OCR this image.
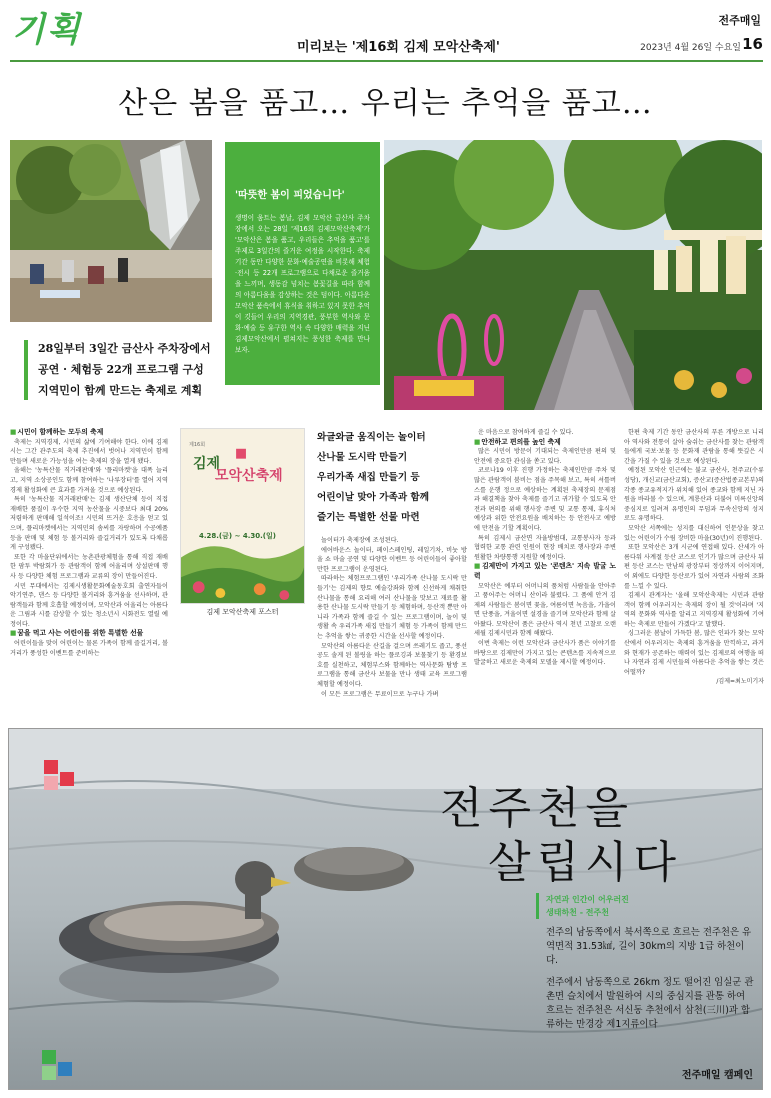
기획	미리보는 '제16회 김제 모악산축제'
전주매일
2023년 4월 26일 수요일 16
산은 봄을 품고… 우리는 추억을 품고…
'따뜻한 봄이 피었습니다'
생명이 움트는 봄날, 김제 모악산 금산사 주차장에서 오는 28일 '제16회 김제모악산축제'가 '모악산은 봄을 품고, 우리들은 추억을 품고'를 주제로 3일간의 즐거운 여정을 시작한다. 축제기간 동안 다양한 문화·예술공연을 비롯해 체험·전시 등 22개 프로그램으로 다채로운 즐거움을 느끼며, 생동감 넘치는 봄꽃길을 따라 함께의 아름다움을 감상하는 것은 덤이다. 아름다운 모악산 품속에서 휴식을 취하고 있지 못한 추억이 깃들어 우리의 지역경관, 풍부한 역사와 문화·예술 등 유구한 역사 속 다양한 매력을 지닌 김제모악산에서 펼쳐지는 풍성한 축제를 만나보자.
28일부터 3일간 금산사 주차장에서
공연 · 체험등 22개 프로그램 구성
지역민이 함께 만드는 축제로 계획
■ 시민이 함께하는 모두의 축제
축제는 지역경제, 시민의 삶에 기여해야 한다. 이에 김제시는 그간 관주도의 축제 추진에서 벗어나 지역민이 함께 만들며 새로운 가능성을 여는 축제의 장을 열게 됐다.
올해는 '농특산물 직거래판매'와 '플리마켓'을 대폭 늘리고, 지역 소상공인도 함께 참여하는 '나루장터'를 열어 지역경제 활성화에 큰 효과를 가져올 것으로 예상된다.
특히 '농특산물 직거래판매'는 김제 생산단체 등이 직접 재배한 품질이 우수한 지역 농산물을 시중보다 최대 20% 저렴하게 판매해 일석이조! 시민의 뜨거운 호응을 얻고 있으며, 플리마켓에서는 지역민의 솜씨를 자랑하며 수공예품 등을 판매 및 체험 등 볼거리와 즐길거리가 있도록 다채롭게 구성됐다.
또한 각 마을단위에서는 농촌관광체험을 통해 직접 재배한 팜투 박람회가 등 관람객이 함께 어울리며 상설판매 행사 등 다양한 체험 프로그램과 교류의 장이 만들어진다.
시민 무대에서는 김제시생활문화예술동호회 출연자들이 악기연주, 댄스 등 다양한 볼거리와 흥겨움을 선사하며, 관람객들과 함께 호흡할 예정이며, 모악산과 어울리는 아름다운 그림과 시를 감상할 수 있는 청소년시 시화전도 열릴 예정이다.
■ 꿈을 먹고 사는 어린이를 위한 특별한 선물
어린이들을 맞이 어린이는 물론 가족이 함께 즐길거리, 볼거리가 풍성한 이벤트를 준비하는
제16회
김제
모악산축제
4.28.(금) ~ 4.30.(일)
김제 모악산축제 포스터
와글와글 움직이는 놀이터
산나물 도시락 만들기
우리가족 새집 만들기 등
어린이날 맞아 가족과 함께
즐기는 특별한 선물 마련
놀이터가 축제장에 조성된다.
에어바운스 놀이터, 페이스페인팅, 레일기차, 비눗 방울 쇼 마술 공연 및 다양한 이벤트 등 어린이들이 좋아할 만한 프로그램이 운영된다.
따라하는 체험프로그램인 '우리가족 산나물 도시락 만들기'는 김제의 향토 예술강좌와 함께 신선하게 채취한 산나물을 통해 요리해 여러 산나물을 맛보고 재료를 활용한 산나물 도시락 만들기 등 체험하며, 등산객 뿐만 아니라 가족과 함께 즐길 수 있는 프로그램이며, 놀이 및 생활 속 우리가족 새집 만들기 체험 등 가족이 함께 만드는 추억을 쌓는 귀중한 시간을 선사할 예정이다.
모악산의 아름다운 산길을 걸으며 쓰레기도 줍고, 풍선공도 솔게 된 볼링을 하는 플로깅과 보물찾기 등 환경보호를 실천하고, 체험부스와 함께하는 역사문화 탐방 프로그램을 통해 금산사 보물을 만나 생태 교육 프로그램 체험할 예정이다.
이 모든 프로그램은 무료이므로 누구나 가벼
운 마음으로 참여하게 즐길 수 있다.
■ 안전하고 편의를 높인 축제
많은 시민이 방문이 기대되는 축제인만큼 편의 및 안전에 중요한 관심을 쏟고 있다.
코로나19 이후 진행 가정하는 축제인만큼 주차 및 많은 관람객이 붐비는 점을 주목해 보고, 특히 셔틀버스를 운행 정으로 예상하는 계획된 축제장의 문제점과 해결책을 찾아 축제를 즐기고 귀가할 수 있도록 안전과 편의를 위해 행사장 주변 및 교통 통제, 휴식처 예상과 위한 안전요원을 배치하는 등 안전사고 예방에 만전을 기할 계획이다.
특히 김제시 금산면 자율방범대, 교통봉사자 등과 협력한 교통 관련 인원이 현장 배치로 행사장과 주변 원활한 차량통행 지원할 예정이다.
■ 김제만이 가지고 있는 '콘텐츠' 지속 발굴 노력
모악산은 예부터 어머니의 품처럼 사람들을 안아주고 품어주는 어머니 산이라 불렸다. 그 품에 안겨 김제의 사람들은 봄이면 꽃을, 여름이면 녹음을, 가을이면 단풍을, 겨울이면 설경을 즐기며 모악산과 함께 살아왔다. 모악산이 품은 금산사 역시 천년 고찰로 오랜 세월 김제시민과 함께 해왔다.
이번 축제는 이런 모악산과 금산사가 품은 이야기를 바탕으로 김제만이 가지고 있는 콘텐츠를 지속적으로 발굴하고 새로운 축제의 모델을 제시할 예정이다.
한편 축제 기간 동안 금산사의 푸른 개방으로 니리아 역사와 전통이 살아 숨쉬는 금산사를 찾는 관람객들에게 국보·보물 등 문화재 관람을 통해 뜻깊은 시간을 가질 수 있을 것으로 예상된다.
예정된 모악산 인근에는 불교 금산사, 천주교(수류성당), 개신교(금산교회), 증산교(증산법종교본부)의 각종 종교유적지가 위치해 있어 종교와 함께 지닌 자원을 바라볼 수 있으며, 계룡산과 더불어 미륵신앙의 중심지로 일려져 유명인의 무덤과 무속신앙의 성지로도 유명하다.
모악산 서쪽에는 성지를 대신하여 인문상을 찾고 있는 어린이가 수림 장비한 마을(30년)이 진행된다.
또한 모악산은 3개 시군에 연접해 있다. 산세가 아름다워 사계절 등산 코스로 인기가 많으며 금산사 뒤편 등산 코스는 만남의 광장부터 정상까지 이어지며, 이 외에도 다양한 등산로가 있어 자연과 사람의 조화를 느낄 수 있다.
김제시 관계자는 '올해 모악산축제는 시민과 관람객이 함께 어우러지는 축제의 장이 될 것'이라며 '지역의 문화와 역사를 알리고 지역경제 활성화에 기여하는 축제로 만들어 가겠다'고 말했다.
싱그러운 봄날이 가득한 봄, 많은 인파가 찾는 모악산에서 어우러지는 축제의 흥겨움을 만끽하고, 과거와 현재가 공존하는 매력이 있는 김제로의 여행을 떠나 자연과 김제 시민들의 아름다운 추억을 쌓는 것은 어떨까?
/김제=최노미기자
전주천을
살립시다
자연과 인간이 어우러진
생태하천 - 전주천
전주의 남동쪽에서 북서쪽으로 흐르는 전주천은 유역면적 31.53㎢, 길이 30km의 지방 1급 하천이다.
전주에서 남동쪽으로 26km 정도 떨어진 임실군 관촌면 슬치에서 발원하여 시의 중심지를 관통 하여 흐르는 전주천은 서신동 추천에서 삼천(三川)과 합류하는 만경강 제1지류이다
전주매일 캠페인
